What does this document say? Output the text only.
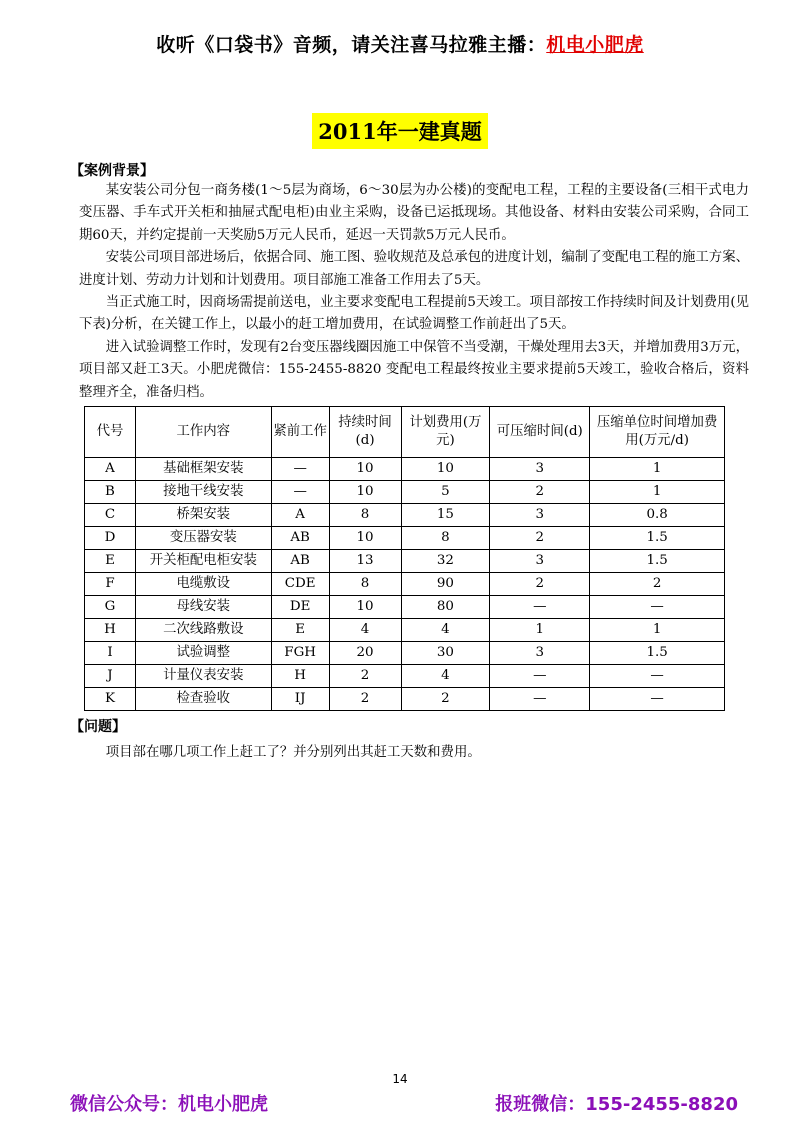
收听《口袋书》音频，请关注喜马拉雅主播：机电小肥虎
2011年一建真题
【案例背景】

某安装公司分包一商务楼(1～5层为商场，6～30层为办公楼)的变配电工程，工程的主要设备(三相干式电力变压器、手车式开关柜和抽屉式配电柜)由业主采购，设备已运抵现场。其他设备、材料由安装公司采购，合同工期60天，并约定提前一天奖励5万元人民币，延迟一天罚款5万元人民币。

安装公司项目部进场后，依据合同、施工图、验收规范及总承包的进度计划，编制了变配电工程的施工方案、进度计划、劳动力计划和计划费用。项目部施工准备工作用去了5天。

当正式施工时，因商场需提前送电，业主要求变配电工程提前5天竣工。项目部按工作持续时间及计划费用(见下表)分析，在关键工作上，以最小的赶工增加费用，在试验调整工作前赶出了5天。

进入试验调整工作时，发现有2台变压器线圈因施工中保管不当受潮，干燥处理用去3天，并增加费用3万元，项目部又赶工3天。小肥虎微信：155-2455-8820 变配电工程最终按业主要求提前5天竣工，验收合格后，资料整理齐全，准备归档。

代号	工作内容	紧前工作	持续时间(d)	计划费用(万元)	可压缩时间(d)	压缩单位时间增加费用(万元/d)
A	基础框架安装	—	10	10	3	1
B	接地干线安装	—	10	5	2	1
C	桥架安装	A	8	15	3	0.8
D	变压器安装	AB	10	8	2	1.5
E	开关柜配电柜安装	AB	13	32	3	1.5
F	电缆敷设	CDE	8	90	2	2
G	母线安装	DE	10	80	—	—
H	二次线路敷设	E	4	4	1	1
I	试验调整	FGH	20	30	3	1.5
J	计量仪表安装	H	2	4	—	—
K	检查验收	IJ	2	2	—	—
【问题】
项目部在哪几项工作上赶工了？并分别列出其赶工天数和费用。
14
微信公众号：机电小肥虎	报班微信：155-2455-8820
